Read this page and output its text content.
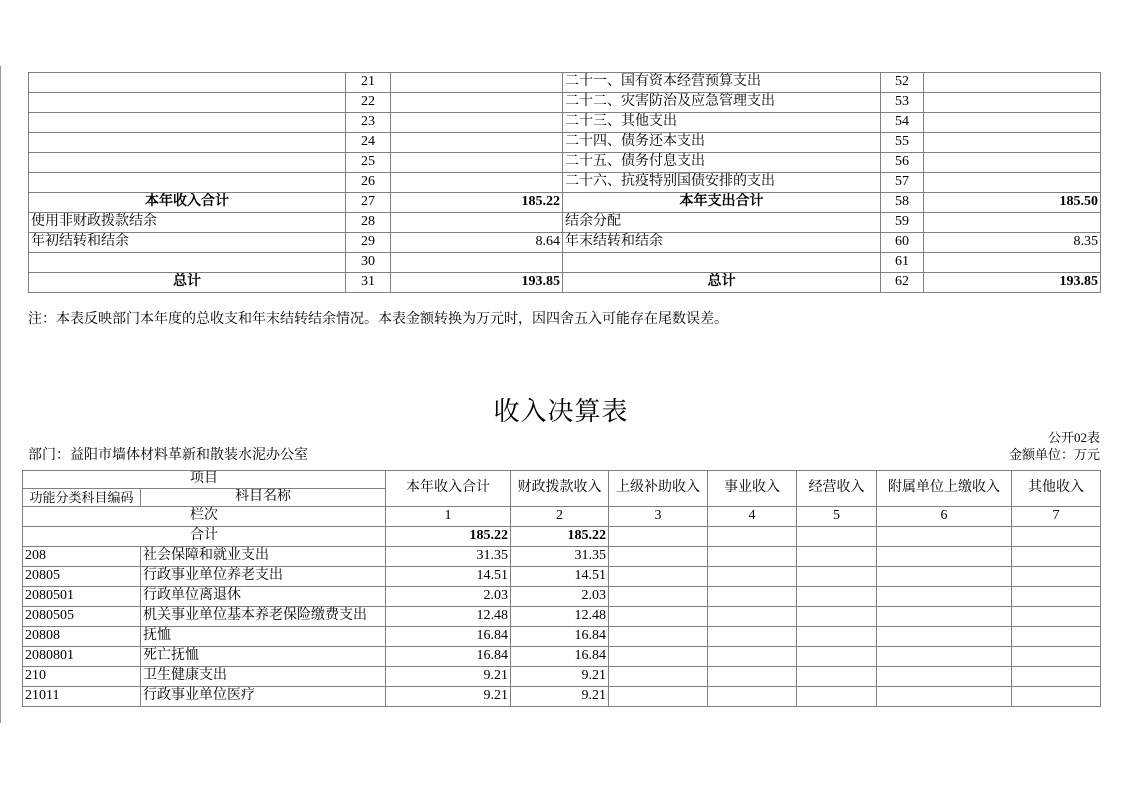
	21		二十一、国有资本经营预算支出	52	
	22		二十二、灾害防治及应急管理支出	53	
	23		二十三、其他支出	54	
	24		二十四、债务还本支出	55	
	25		二十五、债务付息支出	56	
	26		二十六、抗疫特别国债安排的支出	57	
本年收入合计	27	185.22	本年支出合计	58	185.50
使用非财政拨款结余	28		结余分配	59	
年初结转和结余	29	8.64	年末结转和结余	60	8.35
	30			61	
总计	31	193.85	总计	62	193.85
注：本表反映部门本年度的总收支和年末结转结余情况。本表金额转换为万元时，因四舍五入可能存在尾数误差。
收入决算表
公开02表
部门：益阳市墙体材料革新和散装水泥办公室	金额单位：万元
项目		本年收入合计	财政拨款收入	上级补助收入	事业收入	经营收入	附属单位上缴收入	其他收入
功能分类科目编码	科目名称							
栏次		1	2	3	4	5	6	7
合计		185.22	185.22					
208	社会保障和就业支出	31.35	31.35					
20805	行政事业单位养老支出	14.51	14.51					
2080501	行政单位离退休	2.03	2.03					
2080505	机关事业单位基本养老保险缴费支出	12.48	12.48					
20808	抚恤	16.84	16.84					
2080801	死亡抚恤	16.84	16.84					
210	卫生健康支出	9.21	9.21					
21011	行政事业单位医疗	9.21	9.21					
